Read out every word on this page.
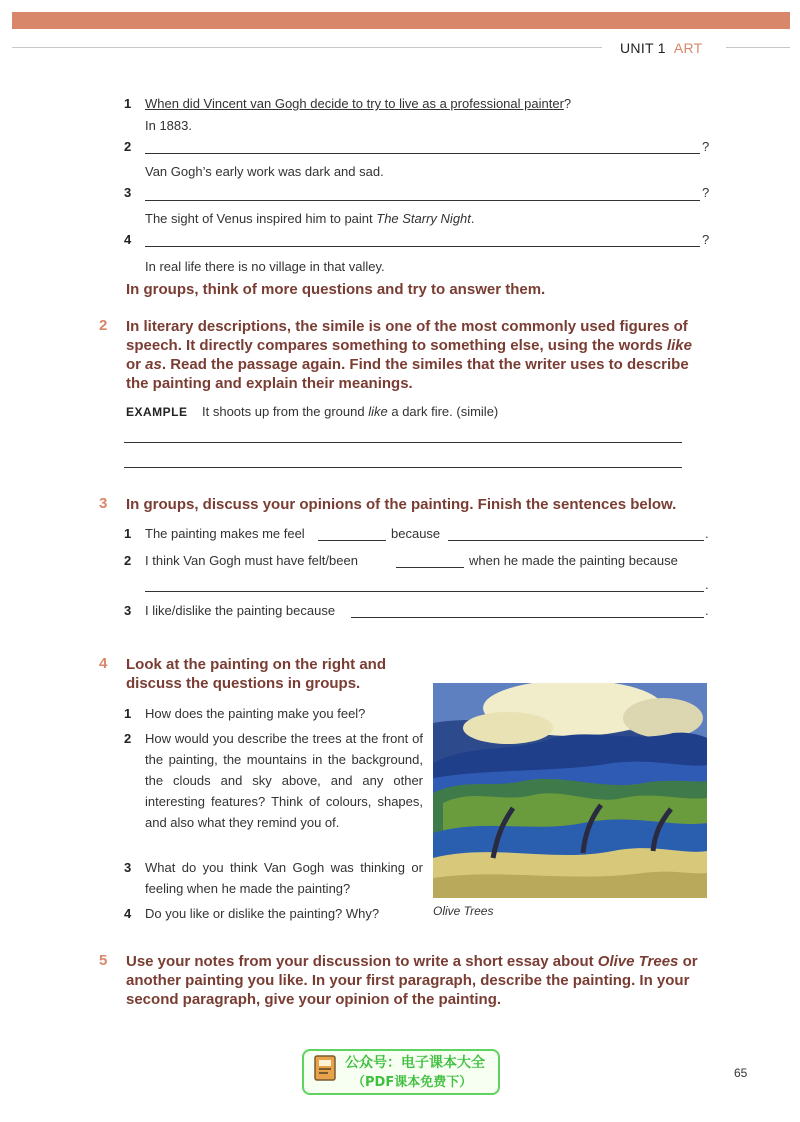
UNIT 1 ART
1 When did Vincent van Gogh decide to try to live as a professional painter?
In 1883.
2	?
Van Gogh’s early work was dark and sad.
3	?
The sight of Venus inspired him to paint The Starry Night.
4	?
In real life there is no village in that valley.
In groups, think of more questions and try to answer them.
2 In literary descriptions, the simile is one of the most commonly used figures of
speech. It directly compares something to something else, using the words like
or as. Read the passage again. Find the similes that the writer uses to describe
the painting and explain their meanings.
EXAMPLE It shoots up from the ground like a dark fire. (simile)
3 In groups, discuss your opinions of the painting. Finish the sentences below.
1 The painting makes me feel	because	.
2 I think Van Gogh must have felt/been	when he made the painting because
.
3 I like/dislike the painting because	.
4 Look at the painting on the right and
discuss the questions in groups.
1 How does the painting make you feel?
2 How would you describe the trees at the front of the painting, the mountains in the background, the clouds and sky above, and any other interesting features? Think of colours, shapes, and also what they remind you of.
3 What do you think Van Gogh was thinking or feeling when he made the painting?
4 Do you like or dislike the painting? Why?	Olive Trees
5 Use your notes from your discussion to write a short essay about Olive Trees or
another painting you like. In your first paragraph, describe the painting. In your
second paragraph, give your opinion of the painting.
公众号：电子课本大全
（PDF课本免费下）
65
